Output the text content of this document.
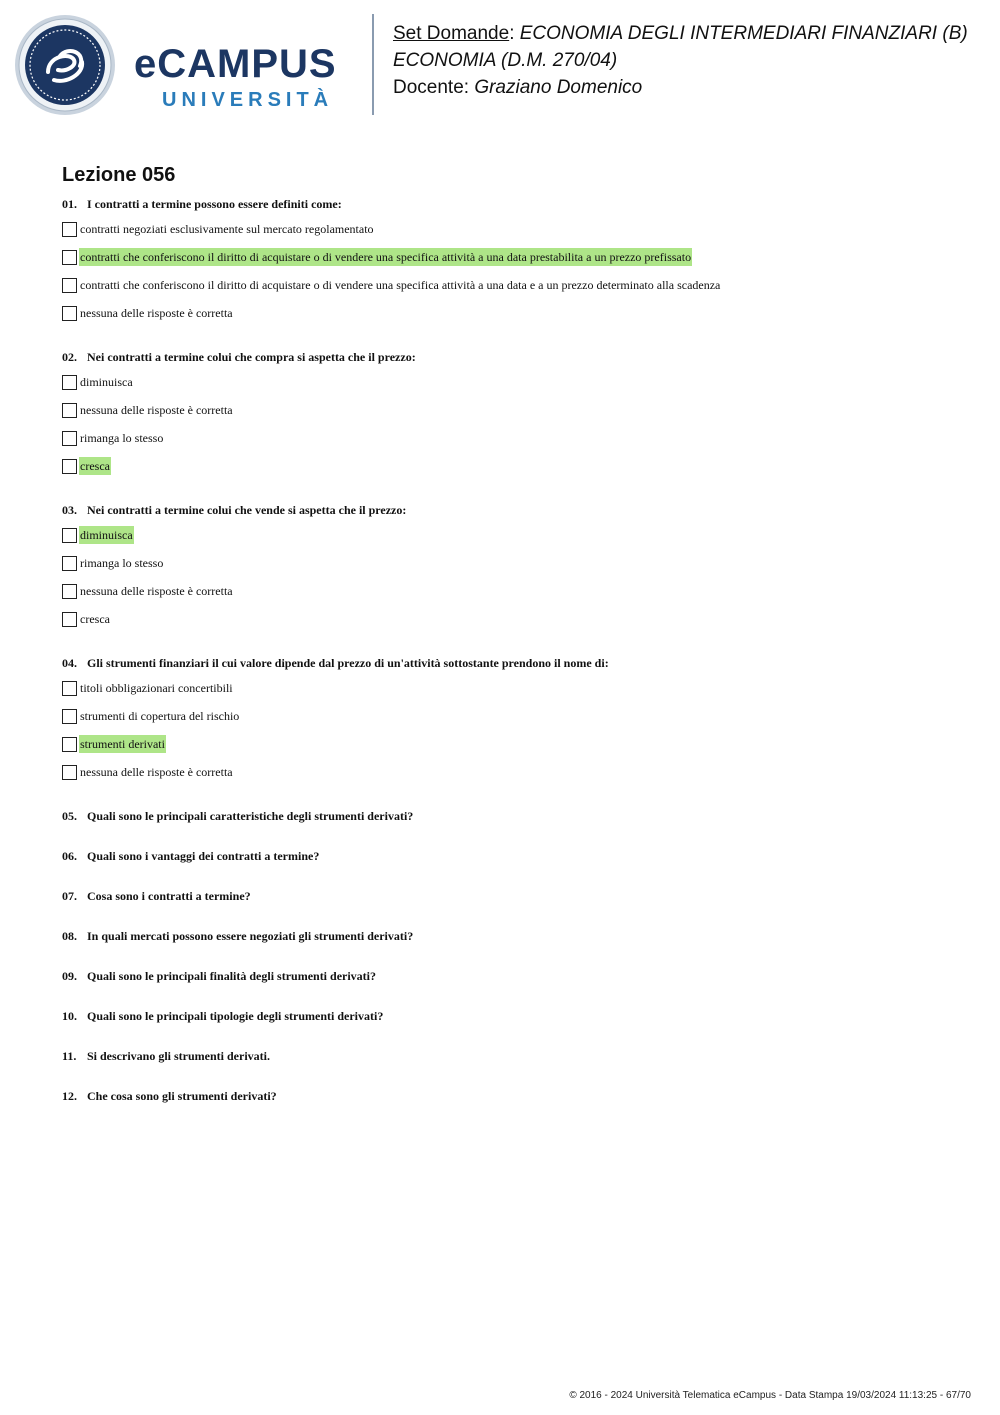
eCAMPUS
UNIVERSITÀ
Set Domande: ECONOMIA DEGLI INTERMEDIARI FINANZIARI (B)
ECONOMIA (D.M. 270/04)
Docente: Graziano Domenico
Lezione 056

01. I contratti a termine possono essere definiti come:

contratti negoziati esclusivamente sul mercato regolamentato
contratti che conferiscono il diritto di acquistare o di vendere una specifica attività a una data prestabilita a un prezzo prefissato
contratti che conferiscono il diritto di acquistare o di vendere una specifica attività a una data e a un prezzo determinato alla scadenza
nessuna delle risposte è corretta

02. Nei contratti a termine colui che compra si aspetta che il prezzo:

diminuisca
nessuna delle risposte è corretta
rimanga lo stesso
cresca

03. Nei contratti a termine colui che vende si aspetta che il prezzo:

diminuisca
rimanga lo stesso
nessuna delle risposte è corretta
cresca

04. Gli strumenti finanziari il cui valore dipende dal prezzo di un'attività sottostante prendono il nome di:

titoli obbligazionari concertibili
strumenti di copertura del rischio
strumenti derivati
nessuna delle risposte è corretta

05. Quali sono le principali caratteristiche degli strumenti derivati?

06. Quali sono i vantaggi dei contratti a termine?

07. Cosa sono i contratti a termine?

08. In quali mercati possono essere negoziati gli strumenti derivati?

09. Quali sono le principali finalità degli strumenti derivati?

10. Quali sono le principali tipologie degli strumenti derivati?

11. Si descrivano gli strumenti derivati.

12. Che cosa sono gli strumenti derivati?

© 2016 - 2024 Università Telematica eCampus - Data Stampa 19/03/2024 11:13:25 - 67/70
